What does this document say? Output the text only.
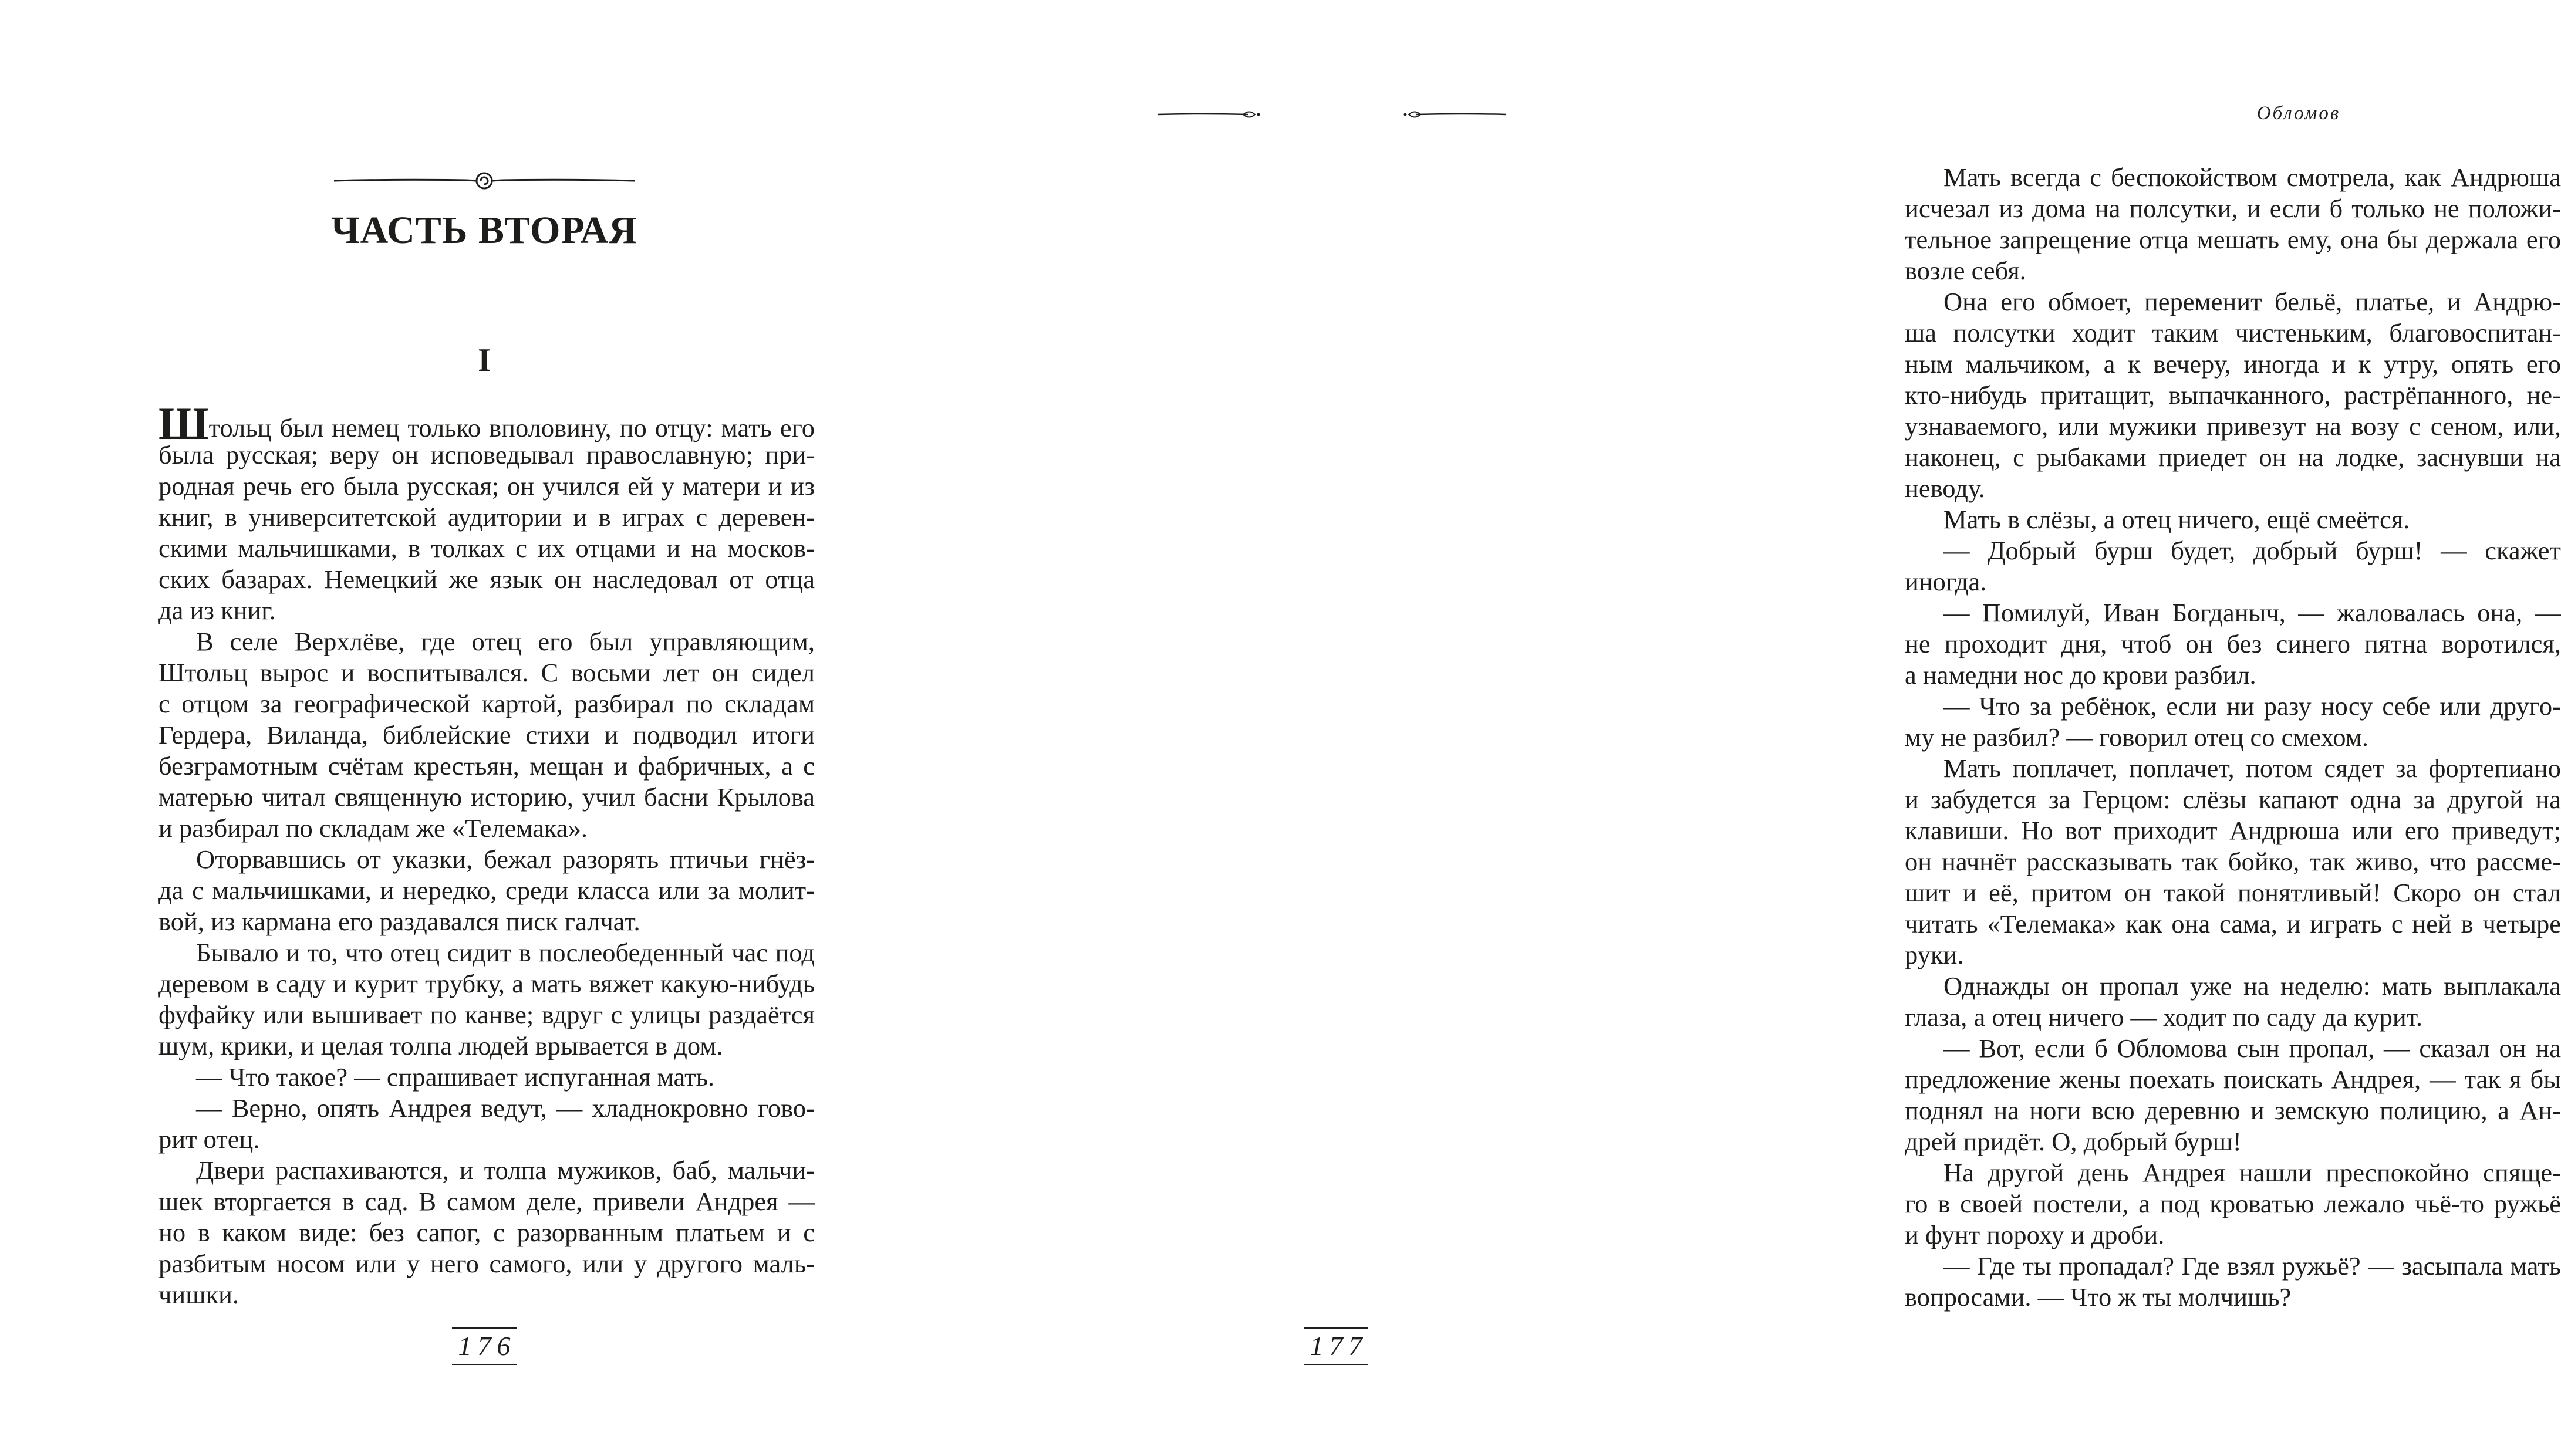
ЧАСТЬ ВТОРАЯ
I
Штольц был немец только вполовину, по отцу: мать его
была русская; веру он исповедывал православную; при-
родная речь его была русская; он учился ей у матери и из
книг, в университетской аудитории и в играх с деревен-
скими мальчишками, в толках с их отцами и на москов-
ских базарах. Немецкий же язык он наследовал от отца
да из книг.
В селе Верхлёве, где отец его был управляющим,
Штольц вырос и воспитывался. С восьми лет он сидел
с отцом за географической картой, разбирал по складам
Гердера, Виланда, библейские стихи и подводил итоги
безграмотным счётам крестьян, мещан и фабричных, а с
матерью читал священную историю, учил басни Крылова
и разбирал по складам же «Телемака».
Оторвавшись от указки, бежал разорять птичьи гнёз-
да с мальчишками, и нередко, среди класса или за молит-
вой, из кармана его раздавался писк галчат.
Бывало и то, что отец сидит в послеобеденный час под
деревом в саду и курит трубку, а мать вяжет какую-нибудь
фуфайку или вышивает по канве; вдруг с улицы раздаётся
шум, крики, и целая толпа людей врывается в дом.
— Что такое? — спрашивает испуганная мать.
— Верно, опять Андрея ведут, — хладнокровно гово-
рит отец.
Двери распахиваются, и толпа мужиков, баб, мальчи-
шек вторгается в сад. В самом деле, привели Андрея —
но в каком виде: без сапог, с разорванным платьем и с
разбитым носом или у него самого, или у другого маль-
чишки.
176
Обломов
Мать всегда с беспокойством смотрела, как Андрюша
исчезал из дома на полсутки, и если б только не положи-
тельное запрещение отца мешать ему, она бы держала его
возле себя.
Она его обмоет, переменит бельё, платье, и Андрю-
ша полсутки ходит таким чистеньким, благовоспитан-
ным мальчиком, а к вечеру, иногда и к утру, опять его
кто-нибудь притащит, выпачканного, растрёпанного, не-
узнаваемого, или мужики привезут на возу с сеном, или,
наконец, с рыбаками приедет он на лодке, заснувши на
неводу.
Мать в слёзы, а отец ничего, ещё смеётся.
— Добрый бурш будет, добрый бурш! — скажет
иногда.
— Помилуй, Иван Богданыч, — жаловалась она, —
не проходит дня, чтоб он без синего пятна воротился,
а намедни нос до крови разбил.
— Что за ребёнок, если ни разу носу себе или друго-
му не разбил? — говорил отец со смехом.
Мать поплачет, поплачет, потом сядет за фортепиано
и забудется за Герцом: слёзы капают одна за другой на
клавиши. Но вот приходит Андрюша или его приведут;
он начнёт рассказывать так бойко, так живо, что рассме-
шит и её, притом он такой понятливый! Скоро он стал
читать «Телемака» как она сама, и играть с ней в четыре
руки.
Однажды он пропал уже на неделю: мать выплакала
глаза, а отец ничего — ходит по саду да курит.
— Вот, если б Обломова сын пропал, — сказал он на
предложение жены поехать поискать Андрея, — так я бы
поднял на ноги всю деревню и земскую полицию, а Ан-
дрей придёт. О, добрый бурш!
На другой день Андрея нашли преспокойно спяще-
го в своей постели, а под кроватью лежало чьё-то ружьё
и фунт пороху и дроби.
— Где ты пропадал? Где взял ружьё? — засыпала мать
вопросами. — Что ж ты молчишь?
177
